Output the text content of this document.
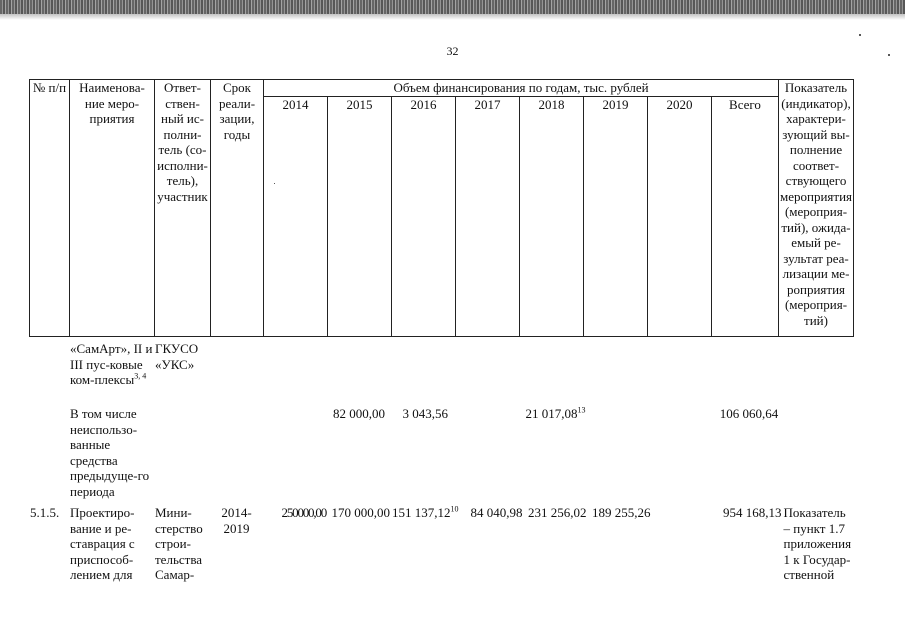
32
№ п/п	Наименова-ние меро-приятия	Ответ-ствен-ный ис-полни-тель (со-исполни-тель), участник	Срок реали-зации, годы	Объем финансирования по годам, тыс. рублей								Показатель (индикатор), характери-зующий вы-полнение соответ-ствующего мероприятия (мероприя-тий), ожида-емый ре-зультат реа-лизации ме-роприятия (мероприя-тий)
				2014	2015	2016	2017	2018	2019	2020	Всего	
	«СамАрт», II и III пус-ковые ком-плексы$^{3, 4}$	ГКУСО «УКС»										
	В том числе неиспользо-ванные средства предыдуще-го периода				82 000,00	3 043,56		21 017,08$^{13}$			106 060,64	
5.1.5.	Проектиро-вание и ре-ставрация с приспособ-лением для	Мини-стерство строи-тельства Самар-	2014-2019	250000,00	170 000,00	151 137,12$^{10}$	84 040,98	231 256,02	189 255,26		954 168,13	Показатель – пункт 1.7 приложения 1 к Государ-ственной
